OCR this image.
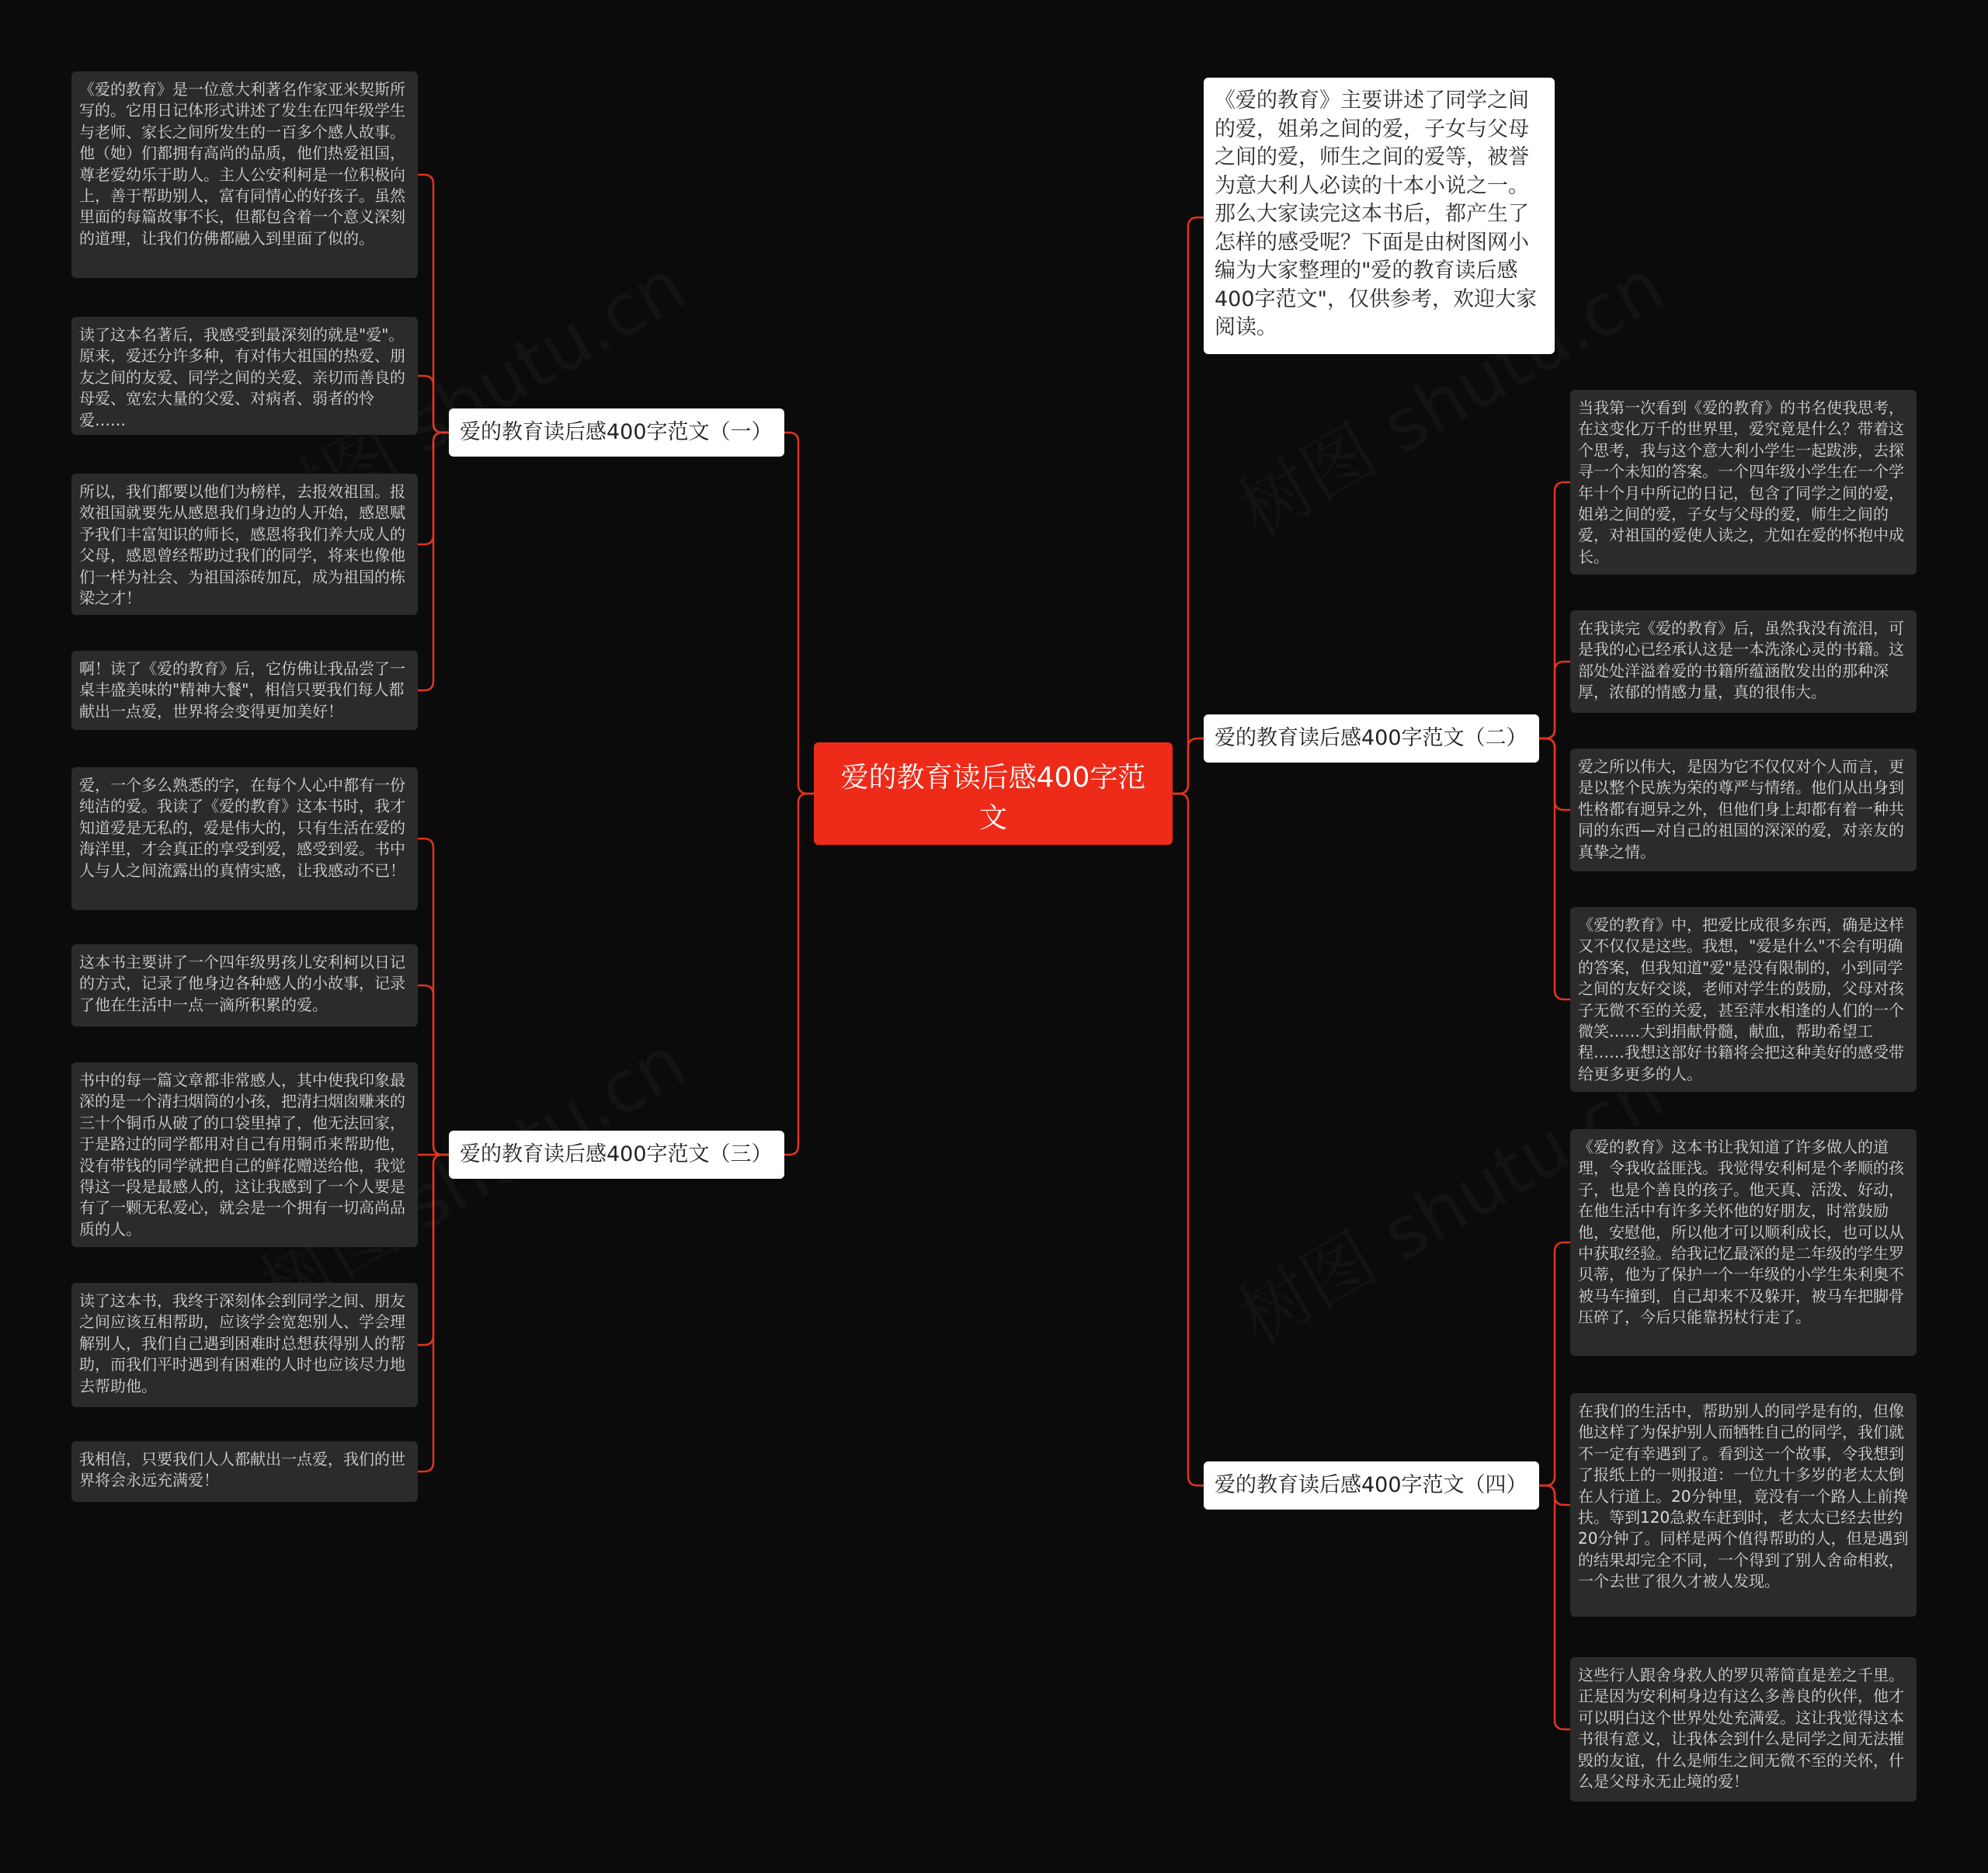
爱的教育读后感400字范文
《爱的教育》主要讲述了同学之间的爱，姐弟之间的爱，子女与父母之间的爱，师生之间的爱等，被誉为意大利人必读的十本小说之一。那么大家读完这本书后，都产生了怎样的感受呢？下面是由树图网小编为大家整理的"爱的教育读后感400字范文"，仅供参考，欢迎大家阅读。
爱的教育读后感400字范文（一）
《爱的教育》是一位意大利著名作家亚米契斯所写的。它用日记体形式讲述了发生在四年级学生与老师、家长之间所发生的一百多个感人故事。他（她）们都拥有高尚的品质，他们热爱祖国，尊老爱幼乐于助人。主人公安利柯是一位积极向上，善于帮助别人，富有同情心的好孩子。虽然里面的每篇故事不长，但都包含着一个意义深刻的道理，让我们仿佛都融入到里面了似的。
读了这本名著后，我感受到最深刻的就是"爱"。原来，爱还分许多种，有对伟大祖国的热爱、朋友之间的友爱、同学之间的关爱、亲切而善良的母爱、宽宏大量的父爱、对病者、弱者的怜爱……
所以，我们都要以他们为榜样，去报效祖国。报效祖国就要先从感恩我们身边的人开始，感恩赋予我们丰富知识的师长，感恩将我们养大成人的父母，感恩曾经帮助过我们的同学，将来也像他们一样为社会、为祖国添砖加瓦，成为祖国的栋梁之才！
啊！读了《爱的教育》后，它仿佛让我品尝了一桌丰盛美味的"精神大餐"，相信只要我们每人都献出一点爱，世界将会变得更加美好！
爱的教育读后感400字范文（三）
爱，一个多么熟悉的字，在每个人心中都有一份纯洁的爱。我读了《爱的教育》这本书时，我才知道爱是无私的，爱是伟大的，只有生活在爱的海洋里，才会真正的享受到爱，感受到爱。书中人与人之间流露出的真情实感，让我感动不已！
这本书主要讲了一个四年级男孩儿安利柯以日记的方式，记录了他身边各种感人的小故事，记录了他在生活中一点一滴所积累的爱。
书中的每一篇文章都非常感人，其中使我印象最深的是一个清扫烟筒的小孩，把清扫烟囱赚来的三十个铜币从破了的口袋里掉了，他无法回家，于是路过的同学都用对自己有用铜币来帮助他，没有带钱的同学就把自己的鲜花赠送给他，我觉得这一段是最感人的，这让我感到了一个人要是有了一颗无私爱心，就会是一个拥有一切高尚品质的人。
读了这本书，我终于深刻体会到同学之间、朋友之间应该互相帮助，应该学会宽恕别人、学会理解别人，我们自己遇到困难时总想获得别人的帮助，而我们平时遇到有困难的人时也应该尽力地去帮助他。
我相信，只要我们人人都献出一点爱，我们的世界将会永远充满爱！
爱的教育读后感400字范文（二）
当我第一次看到《爱的教育》的书名使我思考，在这变化万千的世界里，爱究竟是什么？带着这个思考，我与这个意大利小学生一起跋涉，去探寻一个未知的答案。一个四年级小学生在一个学年十个月中所记的日记，包含了同学之间的爱，姐弟之间的爱，子女与父母的爱，师生之间的爱，对祖国的爱使人读之，尤如在爱的怀抱中成长。
在我读完《爱的教育》后，虽然我没有流泪，可是我的心已经承认这是一本洗涤心灵的书籍。这部处处洋溢着爱的书籍所蕴涵散发出的那种深厚，浓郁的情感力量，真的很伟大。
爱之所以伟大，是因为它不仅仅对个人而言，更是以整个民族为荣的尊严与情绪。他们从出身到性格都有迥异之外，但他们身上却都有着一种共同的东西—对自己的祖国的深深的爱，对亲友的真挚之情。
《爱的教育》中，把爱比成很多东西，确是这样又不仅仅是这些。我想，"爱是什么"不会有明确的答案，但我知道"爱"是没有限制的，小到同学之间的友好交谈，老师对学生的鼓励，父母对孩子无微不至的关爱，甚至萍水相逢的人们的一个微笑……大到捐献骨髓，献血，帮助希望工程……我想这部好书籍将会把这种美好的感受带给更多更多的人。
爱的教育读后感400字范文（四）
《爱的教育》这本书让我知道了许多做人的道理，令我收益匪浅。我觉得安利柯是个孝顺的孩子，也是个善良的孩子。他天真、活泼、好动，在他生活中有许多关怀他的好朋友，时常鼓励他，安慰他，所以他才可以顺利成长，也可以从中获取经验。给我记忆最深的是二年级的学生罗贝蒂，他为了保护一个一年级的小学生朱利奥不被马车撞到，自己却来不及躲开，被马车把脚骨压碎了，今后只能靠拐杖行走了。
在我们的生活中，帮助别人的同学是有的，但像他这样了为保护别人而牺牲自己的同学，我们就不一定有幸遇到了。看到这一个故事，令我想到了报纸上的一则报道：一位九十多岁的老太太倒在人行道上。20分钟里，竟没有一个路人上前搀扶。等到120急救车赶到时，老太太已经去世约20分钟了。同样是两个值得帮助的人，但是遇到的结果却完全不同，一个得到了别人舍命相救，一个去世了很久才被人发现。
这些行人跟舍身救人的罗贝蒂简直是差之千里。正是因为安利柯身边有这么多善良的伙伴，他才可以明白这个世界处处充满爱。这让我觉得这本书很有意义，让我体会到什么是同学之间无法摧毁的友谊，什么是师生之间无微不至的关怀，什么是父母永无止境的爱！
